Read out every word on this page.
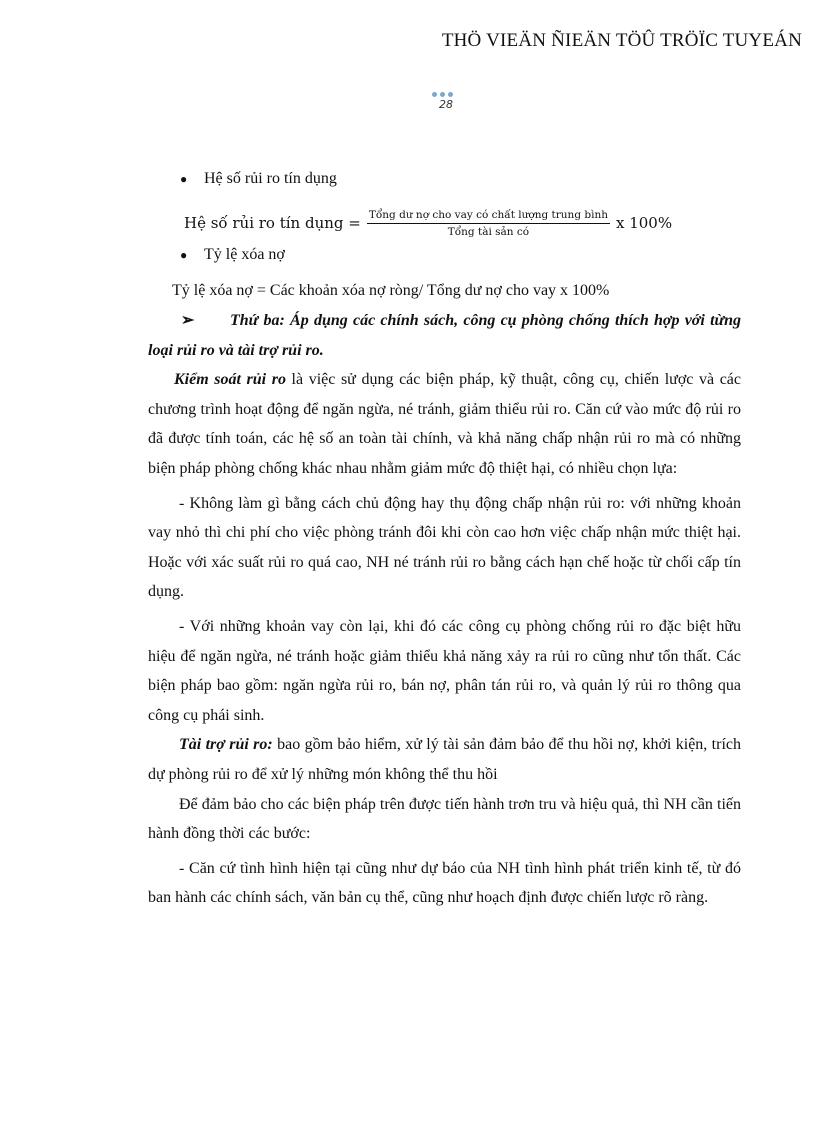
THÖ VIEÄN ÑIEÄN TÖÛ TRÖÏC TUYEÁN
28
●	Hệ số rủi ro tín dụng
Hệ số rủi ro tín dụng = $\frac{\text{Tổng dư nợ cho vay có chất lượng trung bình}}{\text{Tổng tài sản có}}$ x 100%
●	Tỷ lệ xóa nợ
Tỷ lệ xóa nợ = Các khoản xóa nợ ròng/ Tổng dư nợ cho vay x 100%

➢ Thứ ba: Áp dụng các chính sách, công cụ phòng chống thích hợp với từng loại rủi ro và tài trợ rủi ro.

Kiểm soát rủi ro là việc sử dụng các biện pháp, kỹ thuật, công cụ, chiến lược và các chương trình hoạt động để ngăn ngừa, né tránh, giảm thiểu rủi ro. Căn cứ vào mức độ rủi ro đã được tính toán, các hệ số an toàn tài chính, và khả năng chấp nhận rủi ro mà có những biện pháp phòng chống khác nhau nhằm giảm mức độ thiệt hại, có nhiều chọn lựa:

- Không làm gì bằng cách chủ động hay thụ động chấp nhận rủi ro: với những khoản vay nhỏ thì chi phí cho việc phòng tránh đôi khi còn cao hơn việc chấp nhận mức thiệt hại. Hoặc với xác suất rủi ro quá cao, NH né tránh rủi ro bằng cách hạn chế hoặc từ chối cấp tín dụng.

- Với những khoản vay còn lại, khi đó các công cụ phòng chống rủi ro đặc biệt hữu hiệu để ngăn ngừa, né tránh hoặc giảm thiểu khả năng xảy ra rủi ro cũng như tổn thất. Các biện pháp bao gồm: ngăn ngừa rủi ro, bán nợ, phân tán rủi ro, và quản lý rủi ro thông qua công cụ phái sinh.

Tài trợ rủi ro: bao gồm bảo hiểm, xử lý tài sản đảm bảo để thu hồi nợ, khởi kiện, trích dự phòng rủi ro để xử lý những món không thể thu hồi

Để đảm bảo cho các biện pháp trên được tiến hành trơn tru và hiệu quả, thì NH cần tiến hành đồng thời các bước:

- Căn cứ tình hình hiện tại cũng như dự báo của NH tình hình phát triển kinh tế, từ đó ban hành các chính sách, văn bản cụ thể, cũng như hoạch định được chiến lược rõ ràng.
